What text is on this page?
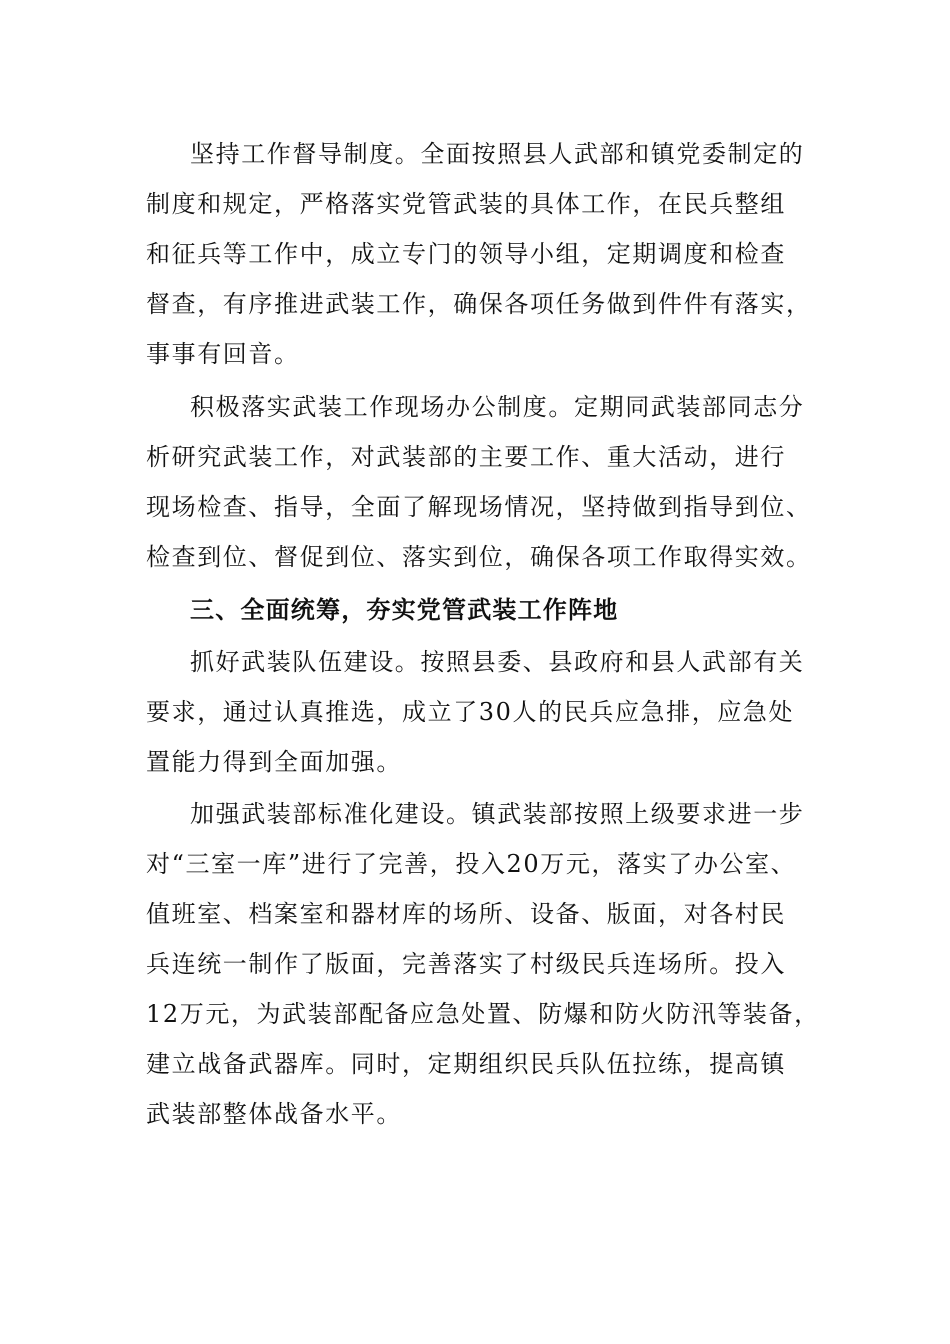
坚持工作督导制度。全面按照县人武部和镇党委制定的
制度和规定，严格落实党管武装的具体工作，在民兵整组
和征兵等工作中，成立专门的领导小组，定期调度和检查
督查，有序推进武装工作，确保各项任务做到件件有落实，
事事有回音。
积极落实武装工作现场办公制度。定期同武装部同志分
析研究武装工作，对武装部的主要工作、重大活动，进行
现场检查、指导，全面了解现场情况，坚持做到指导到位、
检查到位、督促到位、落实到位，确保各项工作取得实效。
三、全面统筹，夯实党管武装工作阵地
抓好武装队伍建设。按照县委、县政府和县人武部有关
要求，通过认真推选，成立了30人的民兵应急排，应急处
置能力得到全面加强。
加强武装部标准化建设。镇武装部按照上级要求进一步
对“三室一库”进行了完善，投入20万元，落实了办公室、
值班室、档案室和器材库的场所、设备、版面，对各村民
兵连统一制作了版面，完善落实了村级民兵连场所。投入
12万元，为武装部配备应急处置、防爆和防火防汛等装备，
建立战备武器库。同时，定期组织民兵队伍拉练，提高镇
武装部整体战备水平。
